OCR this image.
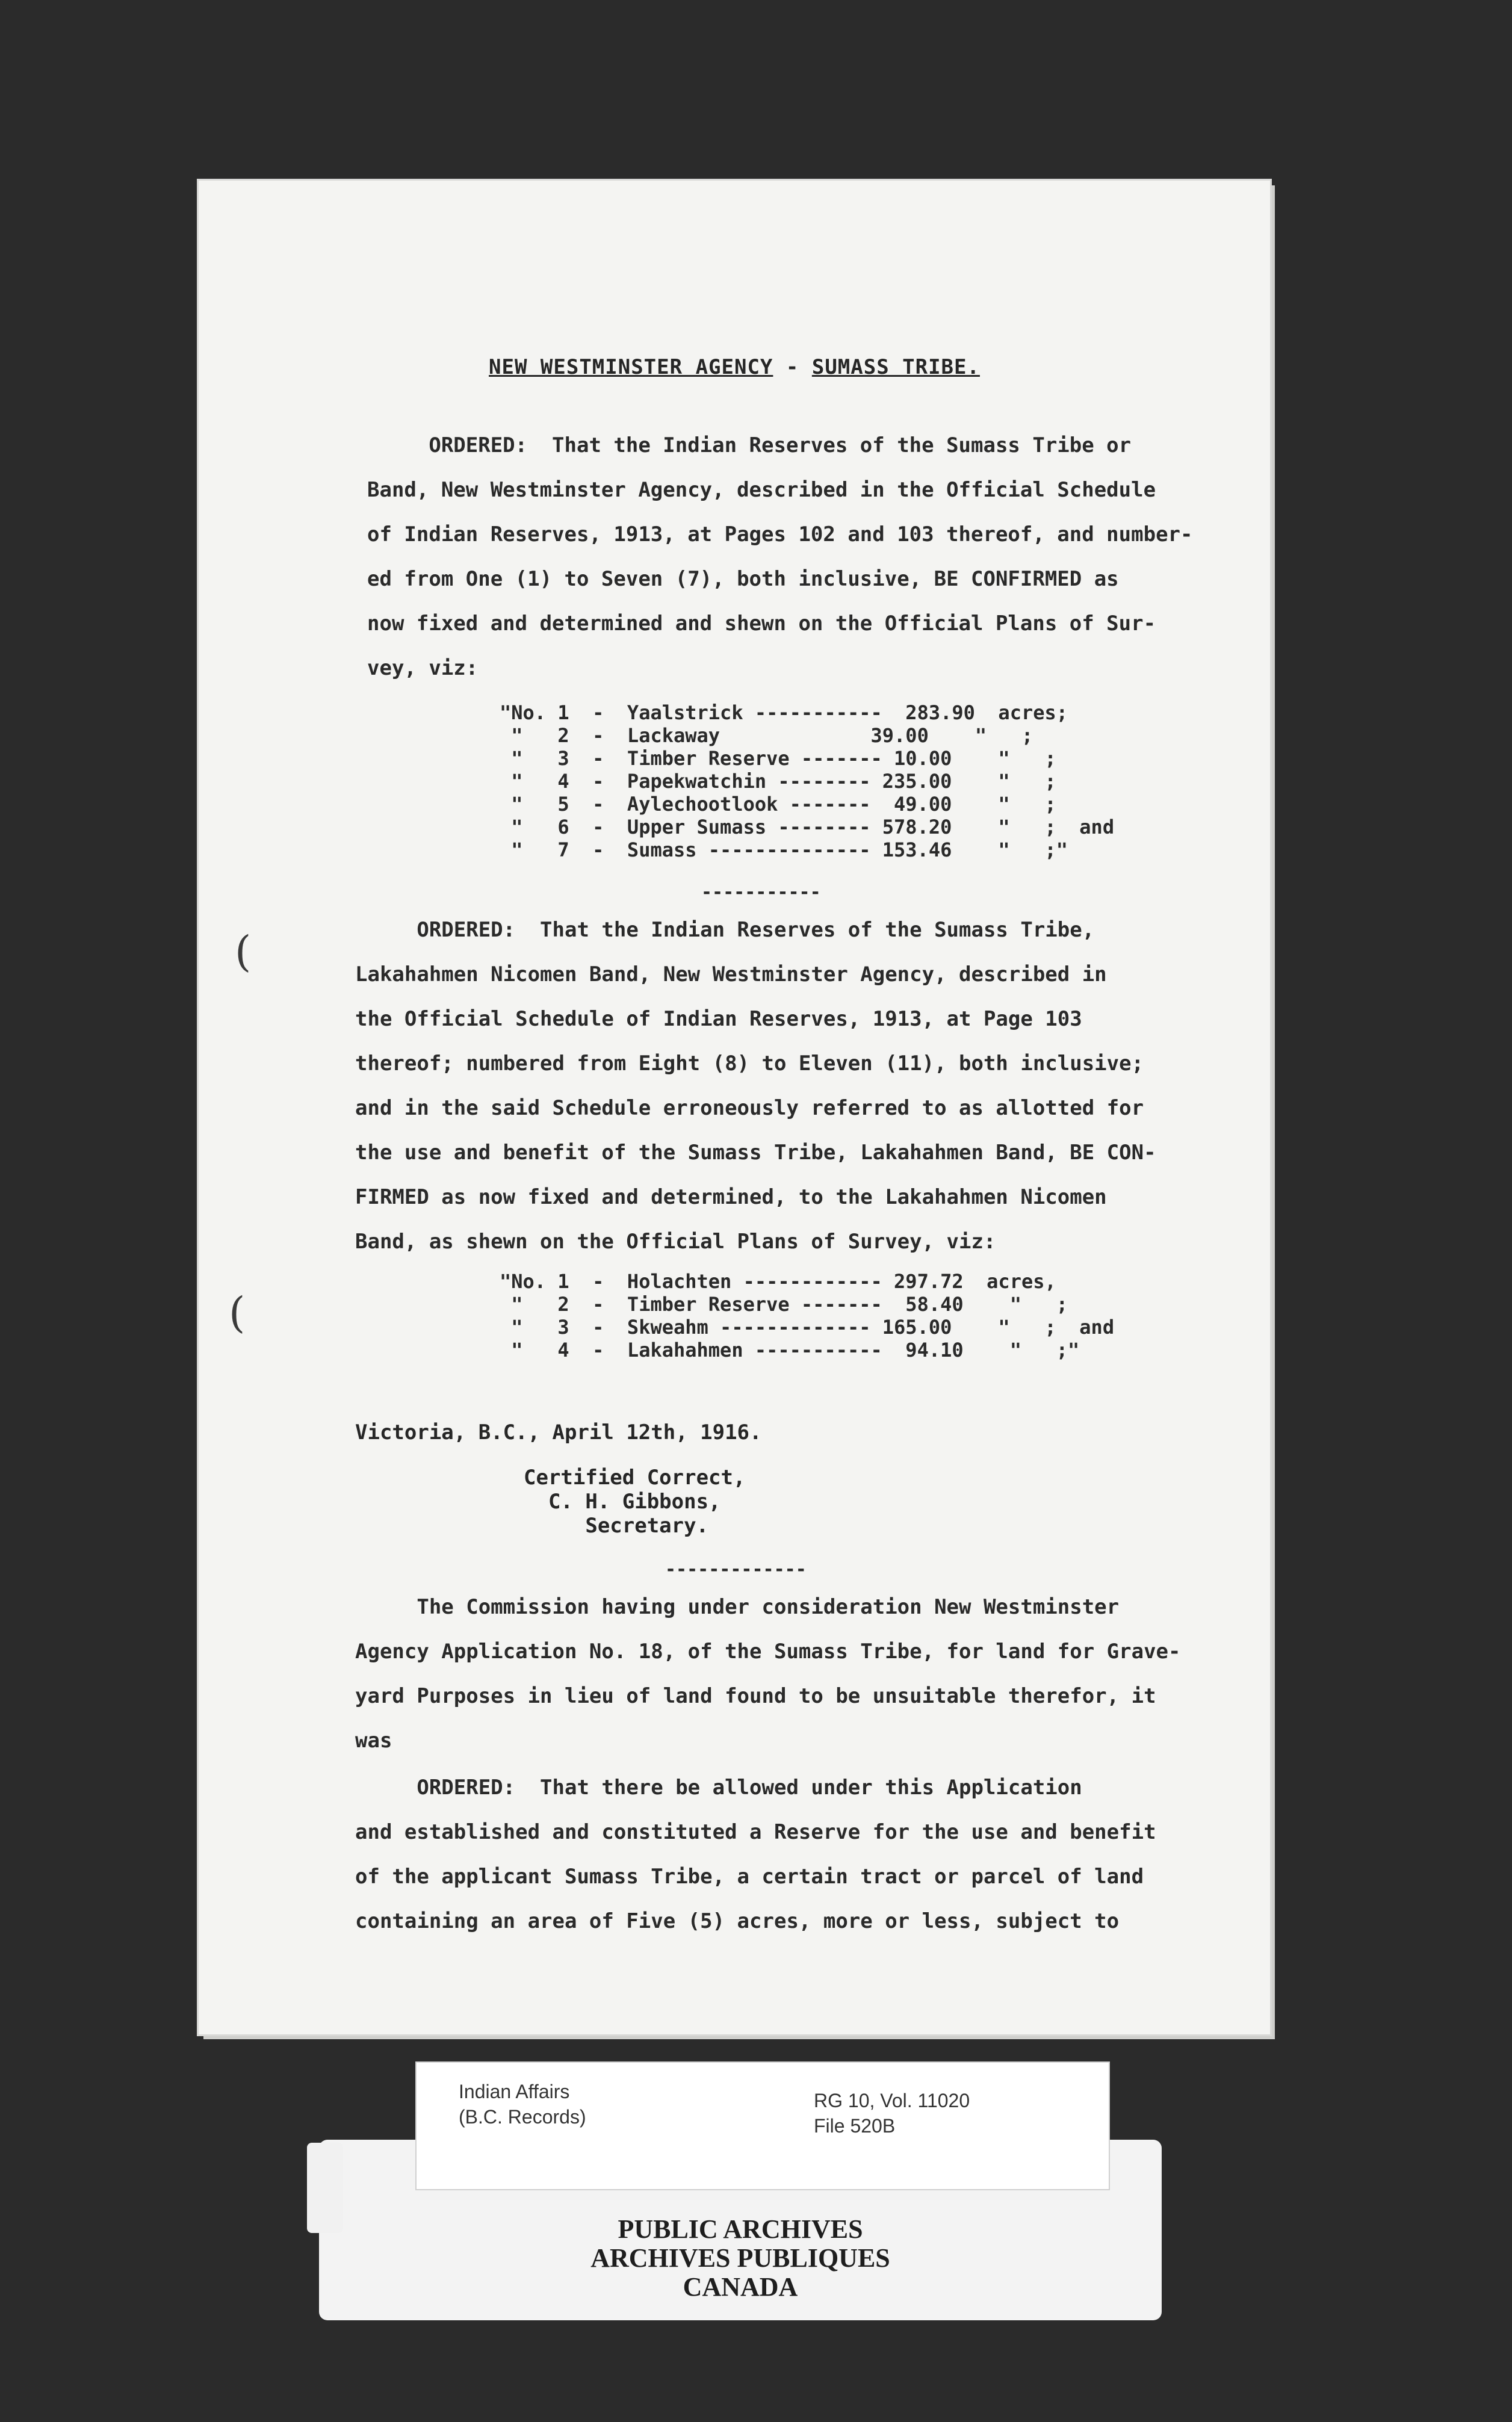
NEW WESTMINSTER AGENCY - SUMASS TRIBE.
ORDERED:  That the Indian Reserves of the Sumass Tribe or
Band, New Westminster Agency, described in the Official Schedule
of Indian Reserves, 1913, at Pages 102 and 103 thereof, and number-
ed from One (1) to Seven (7), both inclusive, BE CONFIRMED as
now fixed and determined and shewn on the Official Plans of Sur-
vey, viz:
"No. 1  -  Yaalstrick -----------  283.90  acres;
"   2  -  Lackaway             39.00    "   ;
"   3  -  Timber Reserve ------- 10.00    "   ;
"   4  -  Papekwatchin -------- 235.00    "   ;
"   5  -  Aylechootlook -------  49.00    "   ;
"   6  -  Upper Sumass -------- 578.20    "   ;  and
"   7  -  Sumass -------------- 153.46    "   ;"
-----------
ORDERED:  That the Indian Reserves of the Sumass Tribe,
Lakahahmen Nicomen Band, New Westminster Agency, described in
the Official Schedule of Indian Reserves, 1913, at Page 103
thereof; numbered from Eight (8) to Eleven (11), both inclusive;
and in the said Schedule erroneously referred to as allotted for
the use and benefit of the Sumass Tribe, Lakahahmen Band, BE CON-
FIRMED as now fixed and determined, to the Lakahahmen Nicomen
Band, as shewn on the Official Plans of Survey, viz:
"No. 1  -  Holachten ------------ 297.72  acres,
"   2  -  Timber Reserve -------  58.40    "   ;
"   3  -  Skweahm ------------- 165.00    "   ;  and
"   4  -  Lakahahmen -----------  94.10    "   ;"
Victoria, B.C., April 12th, 1916.
Certified Correct,
C. H. Gibbons,
Secretary.
-------------
The Commission having under consideration New Westminster
Agency Application No. 18, of the Sumass Tribe, for land for Grave-
yard Purposes in lieu of land found to be unsuitable therefor, it
was
ORDERED:  That there be allowed under this Application
and established and constituted a Reserve for the use and benefit
of the applicant Sumass Tribe, a certain tract or parcel of land
containing an area of Five (5) acres, more or less, subject to
(
(
Indian Affairs
(B.C. Records)
RG 10, Vol. 11020
File 520B
PUBLIC ARCHIVES
ARCHIVES PUBLIQUES
CANADA
